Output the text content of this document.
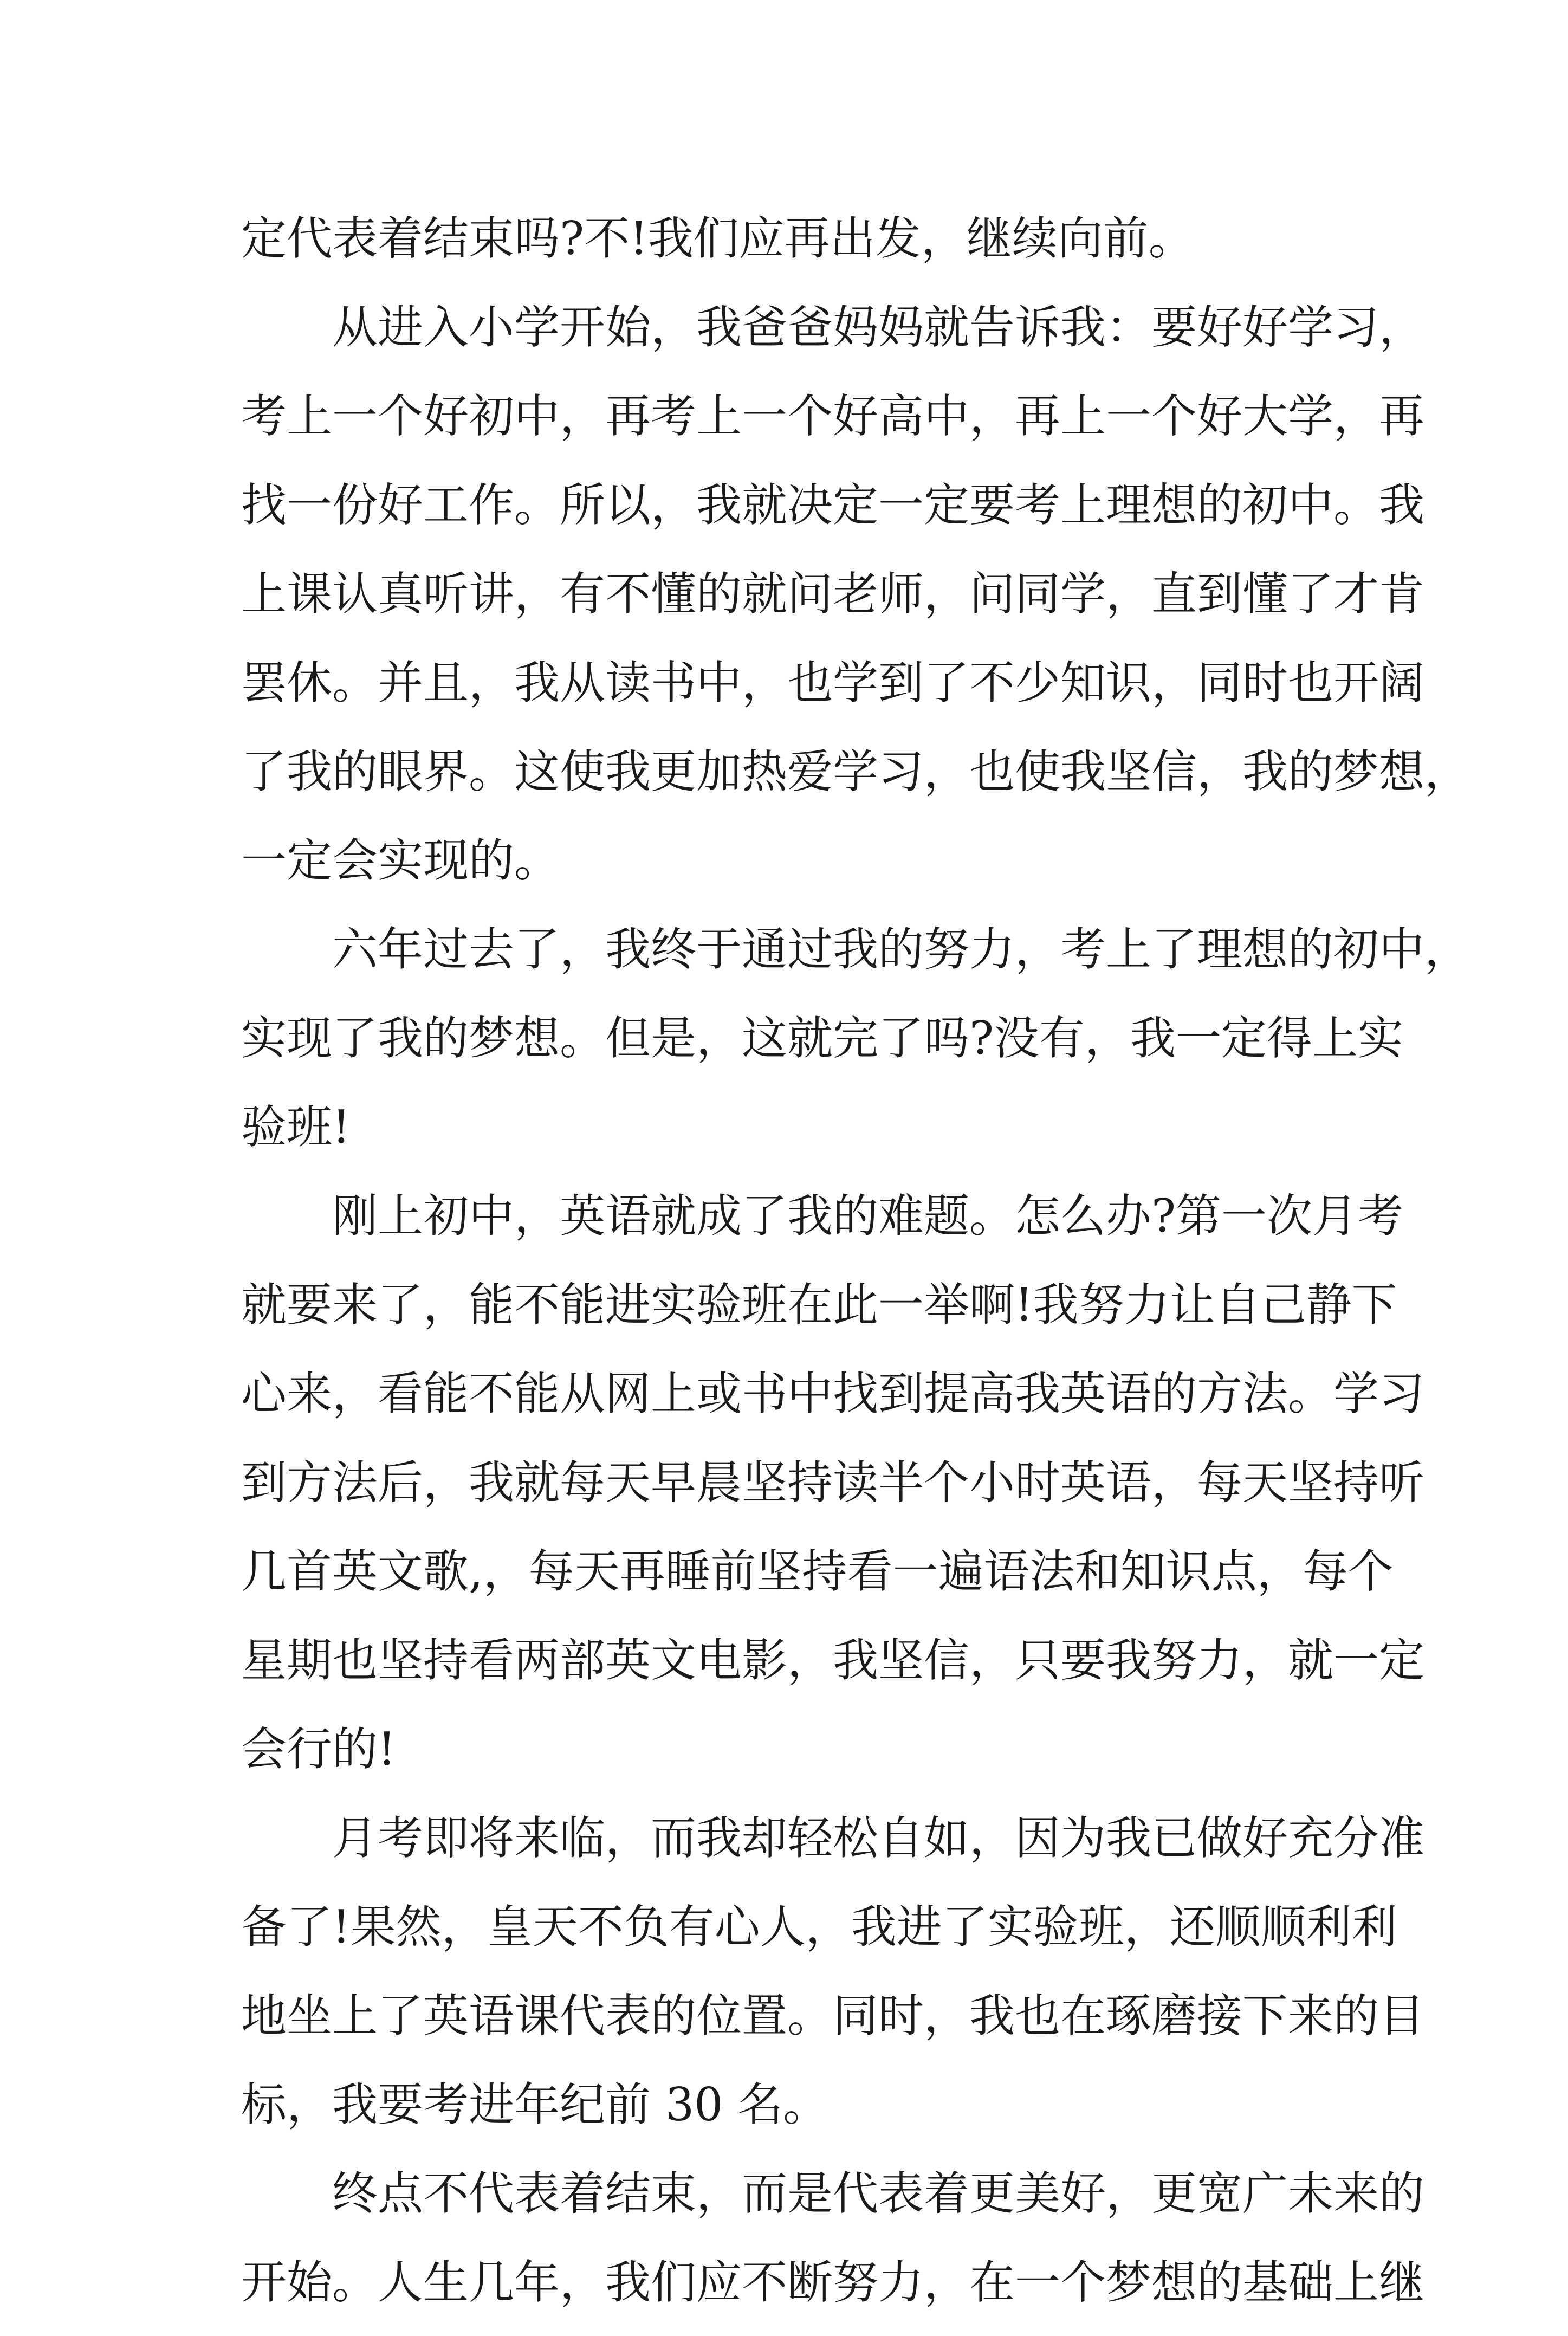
定代表着结束吗?不!我们应再出发，继续向前。
从进入小学开始，我爸爸妈妈就告诉我：要好好学习，
考上一个好初中，再考上一个好高中，再上一个好大学，再
找一份好工作。所以，我就决定一定要考上理想的初中。我
上课认真听讲，有不懂的就问老师，问同学，直到懂了才肯
罢休。并且，我从读书中，也学到了不少知识，同时也开阔
了我的眼界。这使我更加热爱学习，也使我坚信，我的梦想，
一定会实现的。
六年过去了，我终于通过我的努力，考上了理想的初中，
实现了我的梦想。但是，这就完了吗?没有，我一定得上实
验班!
刚上初中，英语就成了我的难题。怎么办?第一次月考
就要来了，能不能进实验班在此一举啊!我努力让自己静下
心来，看能不能从网上或书中找到提高我英语的方法。学习
到方法后，我就每天早晨坚持读半个小时英语，每天坚持听
几首英文歌,，每天再睡前坚持看一遍语法和知识点，每个
星期也坚持看两部英文电影，我坚信，只要我努力，就一定
会行的!
月考即将来临，而我却轻松自如，因为我已做好充分准
备了!果然，皇天不负有心人，我进了实验班，还顺顺利利
地坐上了英语课代表的位置。同时，我也在琢磨接下来的目
标，我要考进年纪前 30 名。
终点不代表着结束，而是代表着更美好，更宽广未来的
开始。人生几年，我们应不断努力，在一个梦想的基础上继
